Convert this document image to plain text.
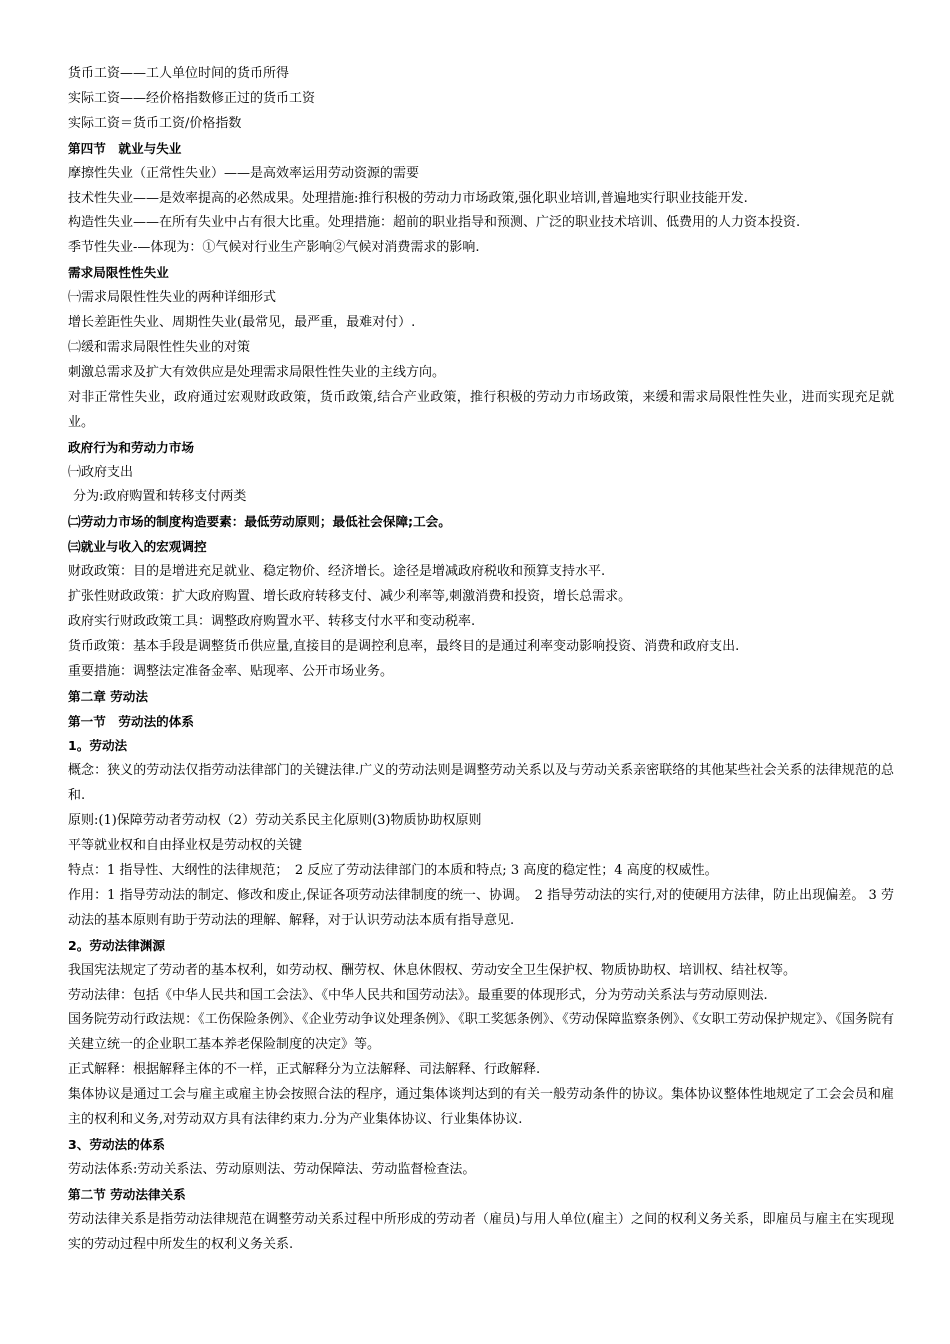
货币工资——工人单位时间的货币所得

实际工资——经价格指数修正过的货币工资

实际工资＝货币工资/价格指数

第四节　就业与失业

摩擦性失业（正常性失业）——是高效率运用劳动资源的需要

技术性失业——是效率提高的必然成果。处理措施:推行积极的劳动力市场政策,强化职业培训,普遍地实行职业技能开发.

构造性失业——在所有失业中占有很大比重。处理措施：超前的职业指导和预测、广泛的职业技术培训、低费用的人力资本投资.

季节性失业-—体现为：①气候对行业生产影响②气候对消费需求的影响.

需求局限性性失业

㈠需求局限性性失业的两种详细形式

增长差距性失业、周期性失业(最常见，最严重，最难对付）.

㈡缓和需求局限性性失业的对策

刺激总需求及扩大有效供应是处理需求局限性性失业的主线方向。

对非正常性失业，政府通过宏观财政政策，货币政策,结合产业政策，推行积极的劳动力市场政策，来缓和需求局限性性失业，进而实现充足就业。

政府行为和劳动力市场

㈠政府支出

分为:政府购置和转移支付两类

㈡劳动力市场的制度构造要素：最低劳动原则；最低社会保障;工会。

㈢就业与收入的宏观调控

财政政策：目的是增进充足就业、稳定物价、经济增长。途径是增减政府税收和预算支持水平.

扩张性财政政策：扩大政府购置、增长政府转移支付、减少利率等,刺激消费和投资，增长总需求。

政府实行财政政策工具：调整政府购置水平、转移支付水平和变动税率.

货币政策：基本手段是调整货币供应量,直接目的是调控利息率，最终目的是通过利率变动影响投资、消费和政府支出.

重要措施：调整法定准备金率、贴现率、公开市场业务。

第二章 劳动法

第一节　劳动法的体系

1。劳动法

概念：狭义的劳动法仅指劳动法律部门的关键法律.广义的劳动法则是调整劳动关系以及与劳动关系亲密联络的其他某些社会关系的法律规范的总和.

原则:(1)保障劳动者劳动权（2）劳动关系民主化原则(3)物质协助权原则

平等就业权和自由择业权是劳动权的关键

特点：1 指导性、大纲性的法律规范；　2 反应了劳动法律部门的本质和特点; 3 高度的稳定性；4 高度的权威性。

作用：1 指导劳动法的制定、修改和废止,保证各项劳动法律制度的统一、协调。　2 指导劳动法的实行,对的使硬用方法律，防止出现偏差。 3 劳动法的基本原则有助于劳动法的理解、解释，对于认识劳动法本质有指导意见.

2。劳动法律渊源

我国宪法规定了劳动者的基本权利，如劳动权、酬劳权、休息休假权、劳动安全卫生保护权、物质协助权、培训权、结社权等。

劳动法律：包括《中华人民共和国工会法》、《中华人民共和国劳动法》。最重要的体现形式，分为劳动关系法与劳动原则法.

国务院劳动行政法规：《工伤保险条例》、《企业劳动争议处理条例》、《职工奖惩条例》、《劳动保障监察条例》、《女职工劳动保护规定》、《国务院有关建立统一的企业职工基本养老保险制度的决定》等。

正式解释：根据解释主体的不一样，正式解释分为立法解释、司法解释、行政解释.

集体协议是通过工会与雇主或雇主协会按照合法的程序，通过集体谈判达到的有关一般劳动条件的协议。集体协议整体性地规定了工会会员和雇主的权利和义务,对劳动双方具有法律约束力.分为产业集体协议、行业集体协议.

3、劳动法的体系

劳动法体系:劳动关系法、劳动原则法、劳动保障法、劳动监督检查法。

第二节 劳动法律关系

劳动法律关系是指劳动法律规范在调整劳动关系过程中所形成的劳动者（雇员)与用人单位(雇主）之间的权利义务关系，即雇员与雇主在实现现实的劳动过程中所发生的权利义务关系.
